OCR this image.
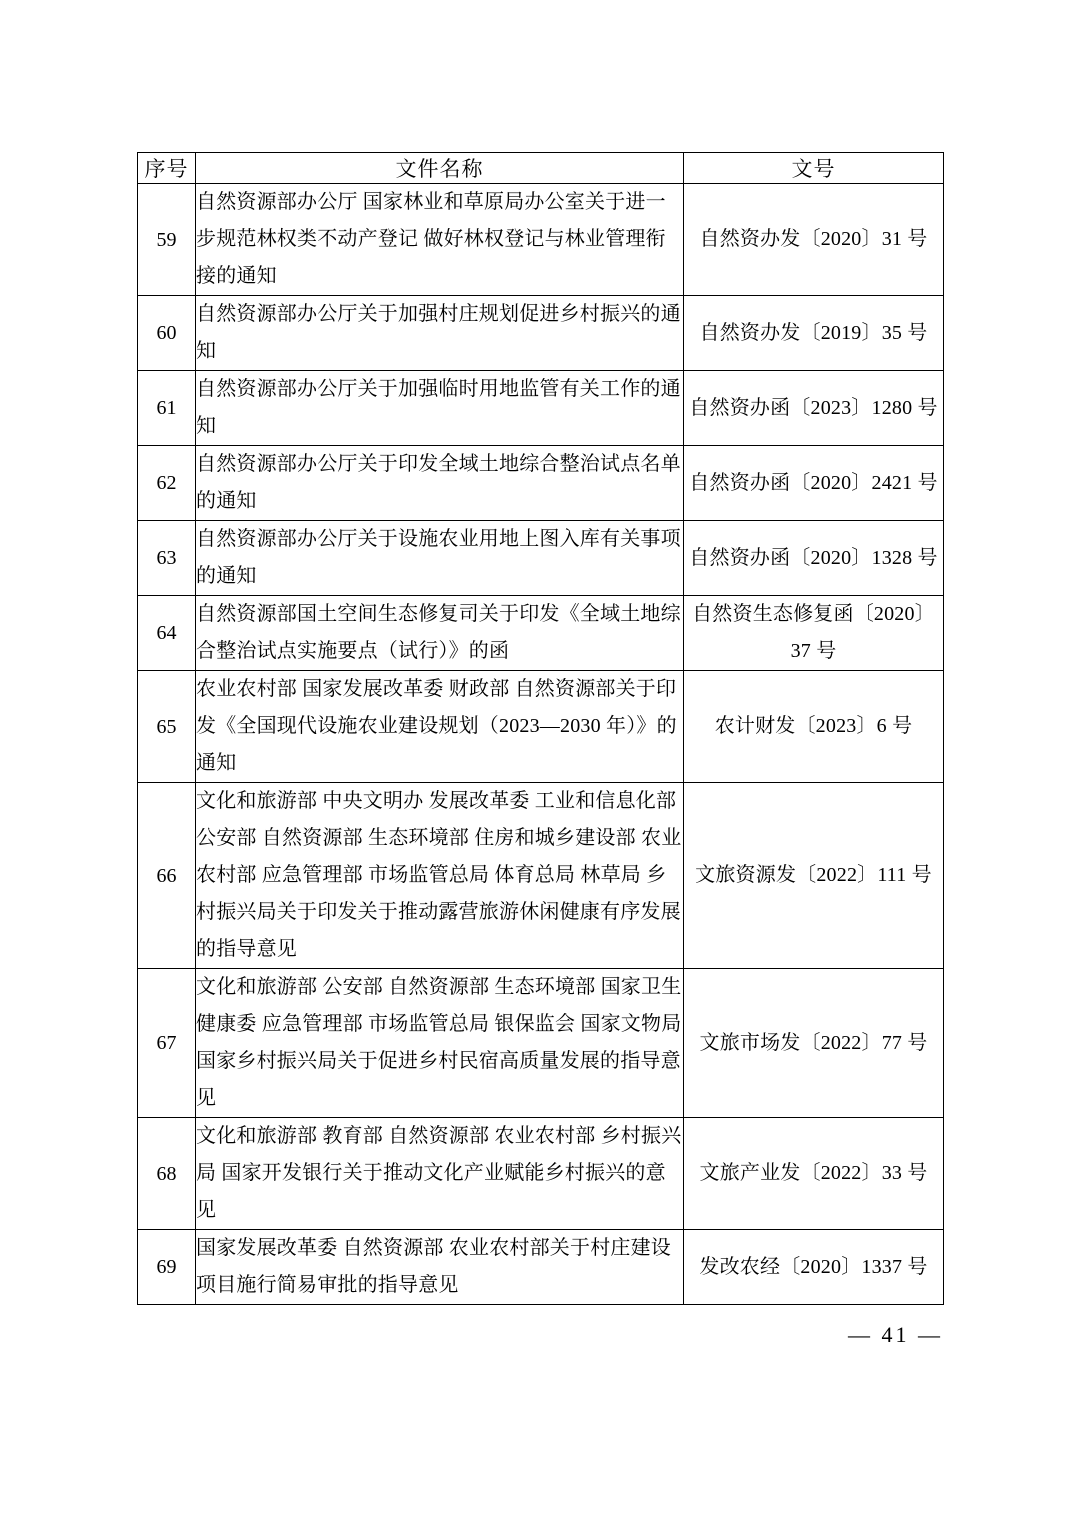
序号	文件名称	文号
59	自然资源部办公厅 国家林业和草原局办公室关于进一步规范林权类不动产登记 做好林权登记与林业管理衔接的通知	自然资办发〔2020〕31 号
60	自然资源部办公厅关于加强村庄规划促进乡村振兴的通知	自然资办发〔2019〕35 号
61	自然资源部办公厅关于加强临时用地监管有关工作的通知	自然资办函〔2023〕1280 号
62	自然资源部办公厅关于印发全域土地综合整治试点名单的通知	自然资办函〔2020〕2421 号
63	自然资源部办公厅关于设施农业用地上图入库有关事项的通知	自然资办函〔2020〕1328 号
64	自然资源部国土空间生态修复司关于印发《全域土地综合整治试点实施要点（试行）》的函	自然资生态修复函〔2020〕37 号
65	农业农村部 国家发展改革委 财政部 自然资源部关于印发《全国现代设施农业建设规划（2023—2030 年）》的通知	农计财发〔2023〕6 号
66	文化和旅游部 中央文明办 发展改革委 工业和信息化部 公安部 自然资源部 生态环境部 住房和城乡建设部 农业农村部 应急管理部 市场监管总局 体育总局 林草局 乡村振兴局关于印发关于推动露营旅游休闲健康有序发展的指导意见	文旅资源发〔2022〕111 号
67	文化和旅游部 公安部 自然资源部 生态环境部 国家卫生健康委 应急管理部 市场监管总局 银保监会 国家文物局 国家乡村振兴局关于促进乡村民宿高质量发展的指导意见	文旅市场发〔2022〕77 号
68	文化和旅游部 教育部 自然资源部 农业农村部 乡村振兴局 国家开发银行关于推动文化产业赋能乡村振兴的意见	文旅产业发〔2022〕33 号
69	国家发展改革委 自然资源部 农业农村部关于村庄建设项目施行简易审批的指导意见	发改农经〔2020〕1337 号
— 41 —
